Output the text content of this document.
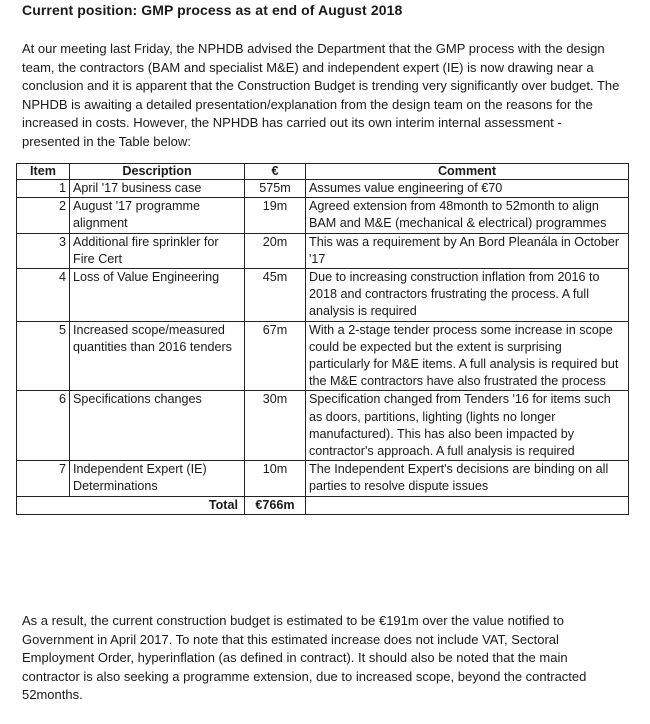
Current position: GMP process as at end of August 2018
At our meeting last Friday, the NPHDB advised the Department that the GMP process with the design team, the contractors (BAM and specialist M&E) and independent expert (IE) is now drawing near a conclusion and it is apparent that the Construction Budget is trending very significantly over budget. The NPHDB is awaiting a detailed presentation/explanation from the design team on the reasons for the increased in costs. However, the NPHDB has carried out its own interim internal assessment - presented in the Table below:
Item	Description	€	Comment
1	April '17 business case	575m	Assumes value engineering of €70
2	August '17 programme alignment	19m	Agreed extension from 48month to 52month to align BAM and M&E (mechanical & electrical) programmes
3	Additional fire sprinkler for Fire Cert	20m	This was a requirement by An Bord Pleanála in October '17
4	Loss of Value Engineering	45m	Due to increasing construction inflation from 2016 to 2018 and contractors frustrating the process. A full analysis is required
5	Increased scope/measured quantities than 2016 tenders	67m	With a 2-stage tender process some increase in scope could be expected but the extent is surprising particularly for M&E items. A full analysis is required but the M&E contractors have also frustrated the process
6	Specifications changes	30m	Specification changed from Tenders '16 for items such as doors, partitions, lighting (lights no longer manufactured). This has also been impacted by contractor's approach. A full analysis is required
7	Independent Expert (IE) Determinations	10m	The Independent Expert's decisions are binding on all parties to resolve dispute issues
Total		€766m	
As a result, the current construction budget is estimated to be €191m over the value notified to Government in April 2017. To note that this estimated increase does not include VAT, Sectoral Employment Order, hyperinflation (as defined in contract). It should also be noted that the main contractor is also seeking a programme extension, due to increased scope, beyond the contracted 52months.
